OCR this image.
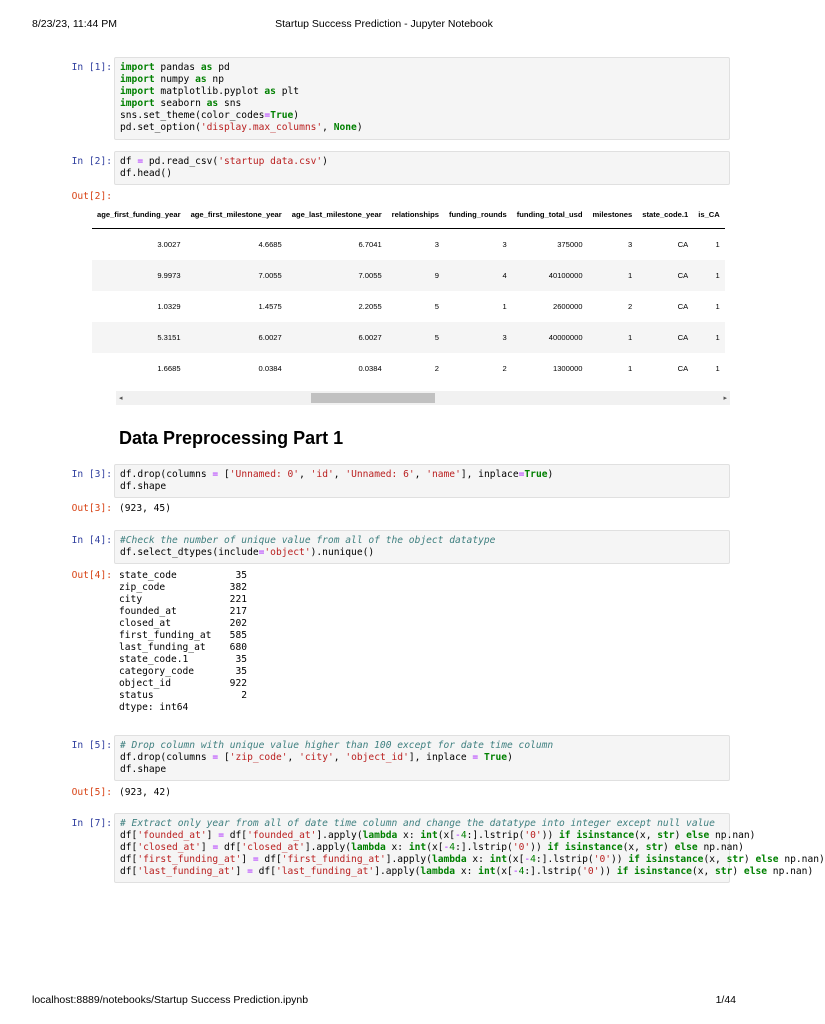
8/23/23, 11:44 PM	Startup Success Prediction - Jupyter Notebook
In [1]: import pandas as pd
import numpy as np
import matplotlib.pyplot as plt
import seaborn as sns
sns.set_theme(color_codes=True)
pd.set_option('display.max_columns', None)
In [2]: df = pd.read_csv('startup data.csv')
df.head()
Out[2]:
age_first_funding_year	age_first_milestone_year	age_last_milestone_year	relationships	funding_rounds	funding_total_usd	milestones	state_code.1	is_CA
3.0027	4.6685	6.7041	3	3	375000	3	CA	1
9.9973	7.0055	7.0055	9	4	40100000	1	CA	1
1.0329	1.4575	2.2055	5	1	2600000	2	CA	1
5.3151	6.0027	6.0027	5	3	40000000	1	CA	1
1.6685	0.0384	0.0384	2	2	1300000	1	CA	1
◂	▸
Data Preprocessing Part 1
In [3]: df.drop(columns = ['Unnamed: 0', 'id', 'Unnamed: 6', 'name'], inplace=True)
df.shape
Out[3]: (923, 45)
In [4]: #Check the number of unique value from all of the object datatype
df.select_dtypes(include='object').nunique()
Out[4]: state_code	35
zip_code	382
city	221
founded_at	217
closed_at	202
first_funding_at	585
last_funding_at	680
state_code.1	35
category_code	35
object_id	922
status	2
dtype: int64
In [5]: # Drop column with unique value higher than 100 except for date time column
df.drop(columns = ['zip_code', 'city', 'object_id'], inplace = True)
df.shape
Out[5]: (923, 42)
In [7]: # Extract only year from all of date time column and change the datatype into integer except null value
df['founded_at'] = df['founded_at'].apply(lambda x: int(x[-4:].lstrip('0')) if isinstance(x, str) else np.nan)
df['closed_at'] = df['closed_at'].apply(lambda x: int(x[-4:].lstrip('0')) if isinstance(x, str) else np.nan)
df['first_funding_at'] = df['first_funding_at'].apply(lambda x: int(x[-4:].lstrip('0')) if isinstance(x, str) else np.nan)
df['last_funding_at'] = df['last_funding_at'].apply(lambda x: int(x[-4:].lstrip('0')) if isinstance(x, str) else np.nan)
localhost:8889/notebooks/Startup Success Prediction.ipynb	1/44
